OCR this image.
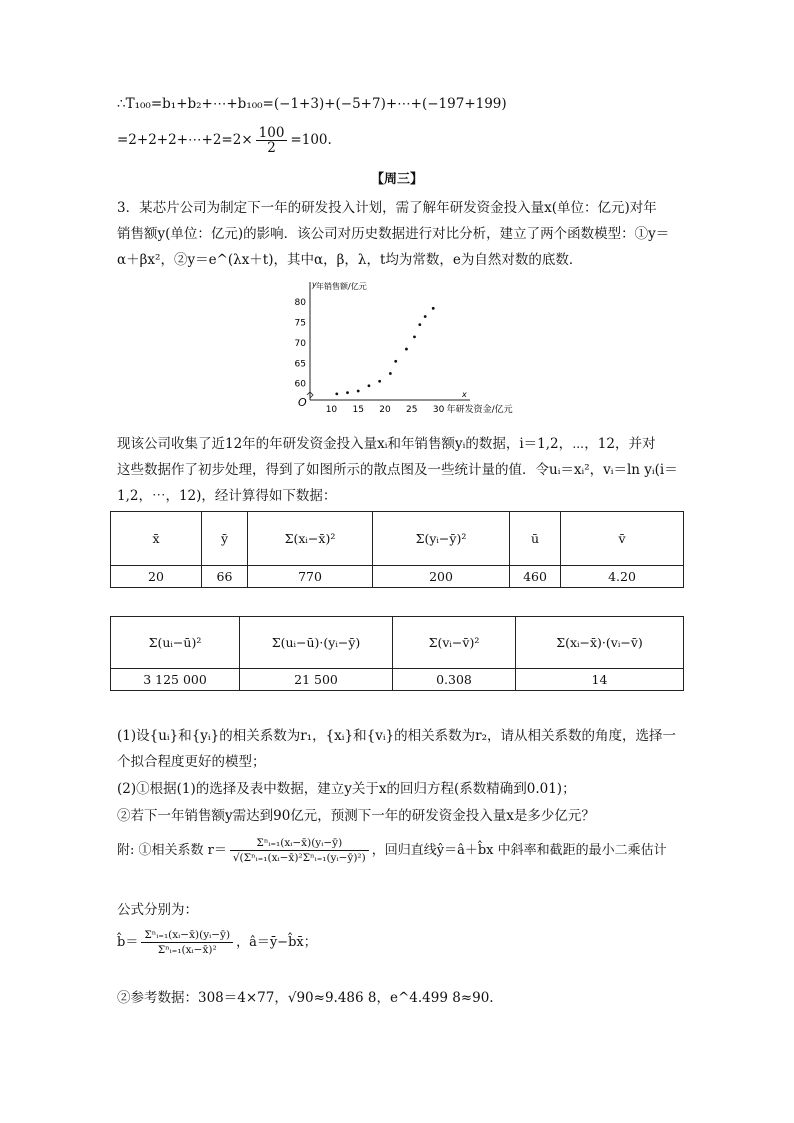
∴T₁₀₀=b₁+b₂+⋯+b₁₀₀=(−1+3)+(−5+7)+⋯+(−197+199)
=2+2+2+⋯+2=2× $\frac{100}{2} =100$.
【周三】
3．某芯片公司为制定下一年的研发投入计划，需了解年研发资金投入量x(单位：亿元)对年
销售额y(单位：亿元)的影响．该公司对历史数据进行对比分析，建立了两个函数模型：①y＝
α＋βx²，②y＝e^(λx＋t)，其中α，β，λ，t均为常数，e为自然对数的底数．
O
y 年销售额/亿元
x
年研发资金/亿元
10 15 20 25 30
60
65
70
75
80
现该公司收集了近12年的年研发资金投入量xᵢ和年销售额yᵢ的数据，i＝1,2，⋯，12，并对
这些数据作了初步处理，得到了如图所示的散点图及一些统计量的值．令uᵢ＝xᵢ²，vᵢ＝ln yᵢ(i＝
1,2，⋯，12)，经计算得如下数据：
x̄	ȳ	Σ(xᵢ−x̄)²	Σ(yᵢ−ȳ)²	ū	v̄
20	66	770	200	460	4.20
Σ(uᵢ−ū)²	Σ(uᵢ−ū)·(yᵢ−ȳ)	Σ(vᵢ−v̄)²	Σ(xᵢ−x̄)·(vᵢ−v̄)
3 125 000	21 500	0.308	14
(1)设{uᵢ}和{yᵢ}的相关系数为r₁，{xᵢ}和{vᵢ}的相关系数为r₂，请从相关系数的角度，选择一
个拟合程度更好的模型；
(2)①根据(1)的选择及表中数据，建立y关于x的回归方程(系数精确到0.01)；
②若下一年销售额y需达到90亿元，预测下一年的研发资金投入量x是多少亿元？
附: ①相关系数 $r= \frac{\text{Σⁿᵢ₌₁(xᵢ−x̄)(yᵢ−ȳ)}}{\text{√(Σⁿᵢ₌₁(xᵢ−x̄)²Σⁿᵢ₌₁(yᵢ−ȳ)²)}}$ ，回归直线ŷ＝â＋b̂x 中斜率和截距的最小二乘估计
公式分别为：
b̂＝ $\frac{\text{Σⁿᵢ₌₁(xᵢ−x̄)(yᵢ−ȳ)}}{\text{Σⁿᵢ₌₁(xᵢ−x̄)²}}$ ，â＝ȳ−b̂x̄；
②参考数据：308＝4×77，√90≈9.486 8，e^4.499 8≈90.
